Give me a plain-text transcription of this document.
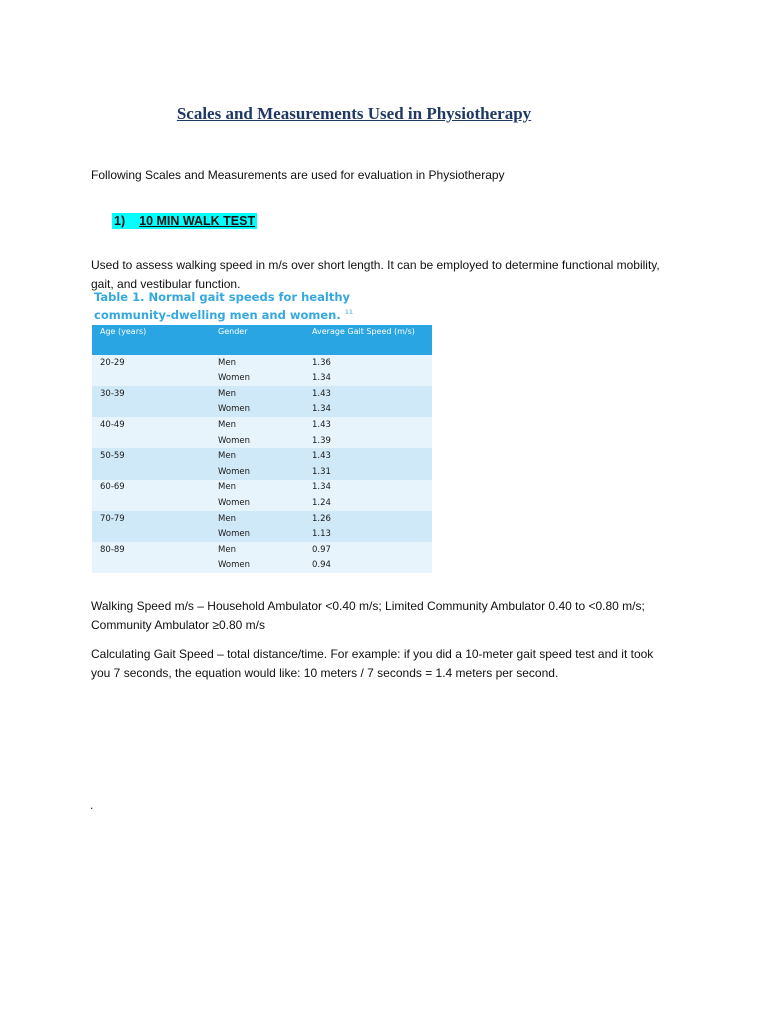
Scales and Measurements Used in Physiotherapy

Following Scales and Measurements are used for evaluation in Physiotherapy

1) 10 MIN WALK TEST

Used to assess walking speed in m/s over short length. It can be employed to determine functional mobility, gait, and vestibular function.

Table 1. Normal gait speeds for healthy community-dwelling men and women. $^{11}$

Age (years)	Gender	Average Gait Speed (m/s)
20-29	Men	1.36
	Women	1.34
30-39	Men	1.43
	Women	1.34
40-49	Men	1.43
	Women	1.39
50-59	Men	1.43
	Women	1.31
60-69	Men	1.34
	Women	1.24
70-79	Men	1.26
	Women	1.13
80-89	Men	0.97
	Women	0.94

Walking Speed m/s – Household Ambulator <0.40 m/s; Limited Community Ambulator 0.40 to <0.80 m/s; Community Ambulator ≥0.80 m/s

Calculating Gait Speed – total distance/time. For example: if you did a 10-meter gait speed test and it took you 7 seconds, the equation would like: 10 meters / 7 seconds = 1.4 meters per second.

.
